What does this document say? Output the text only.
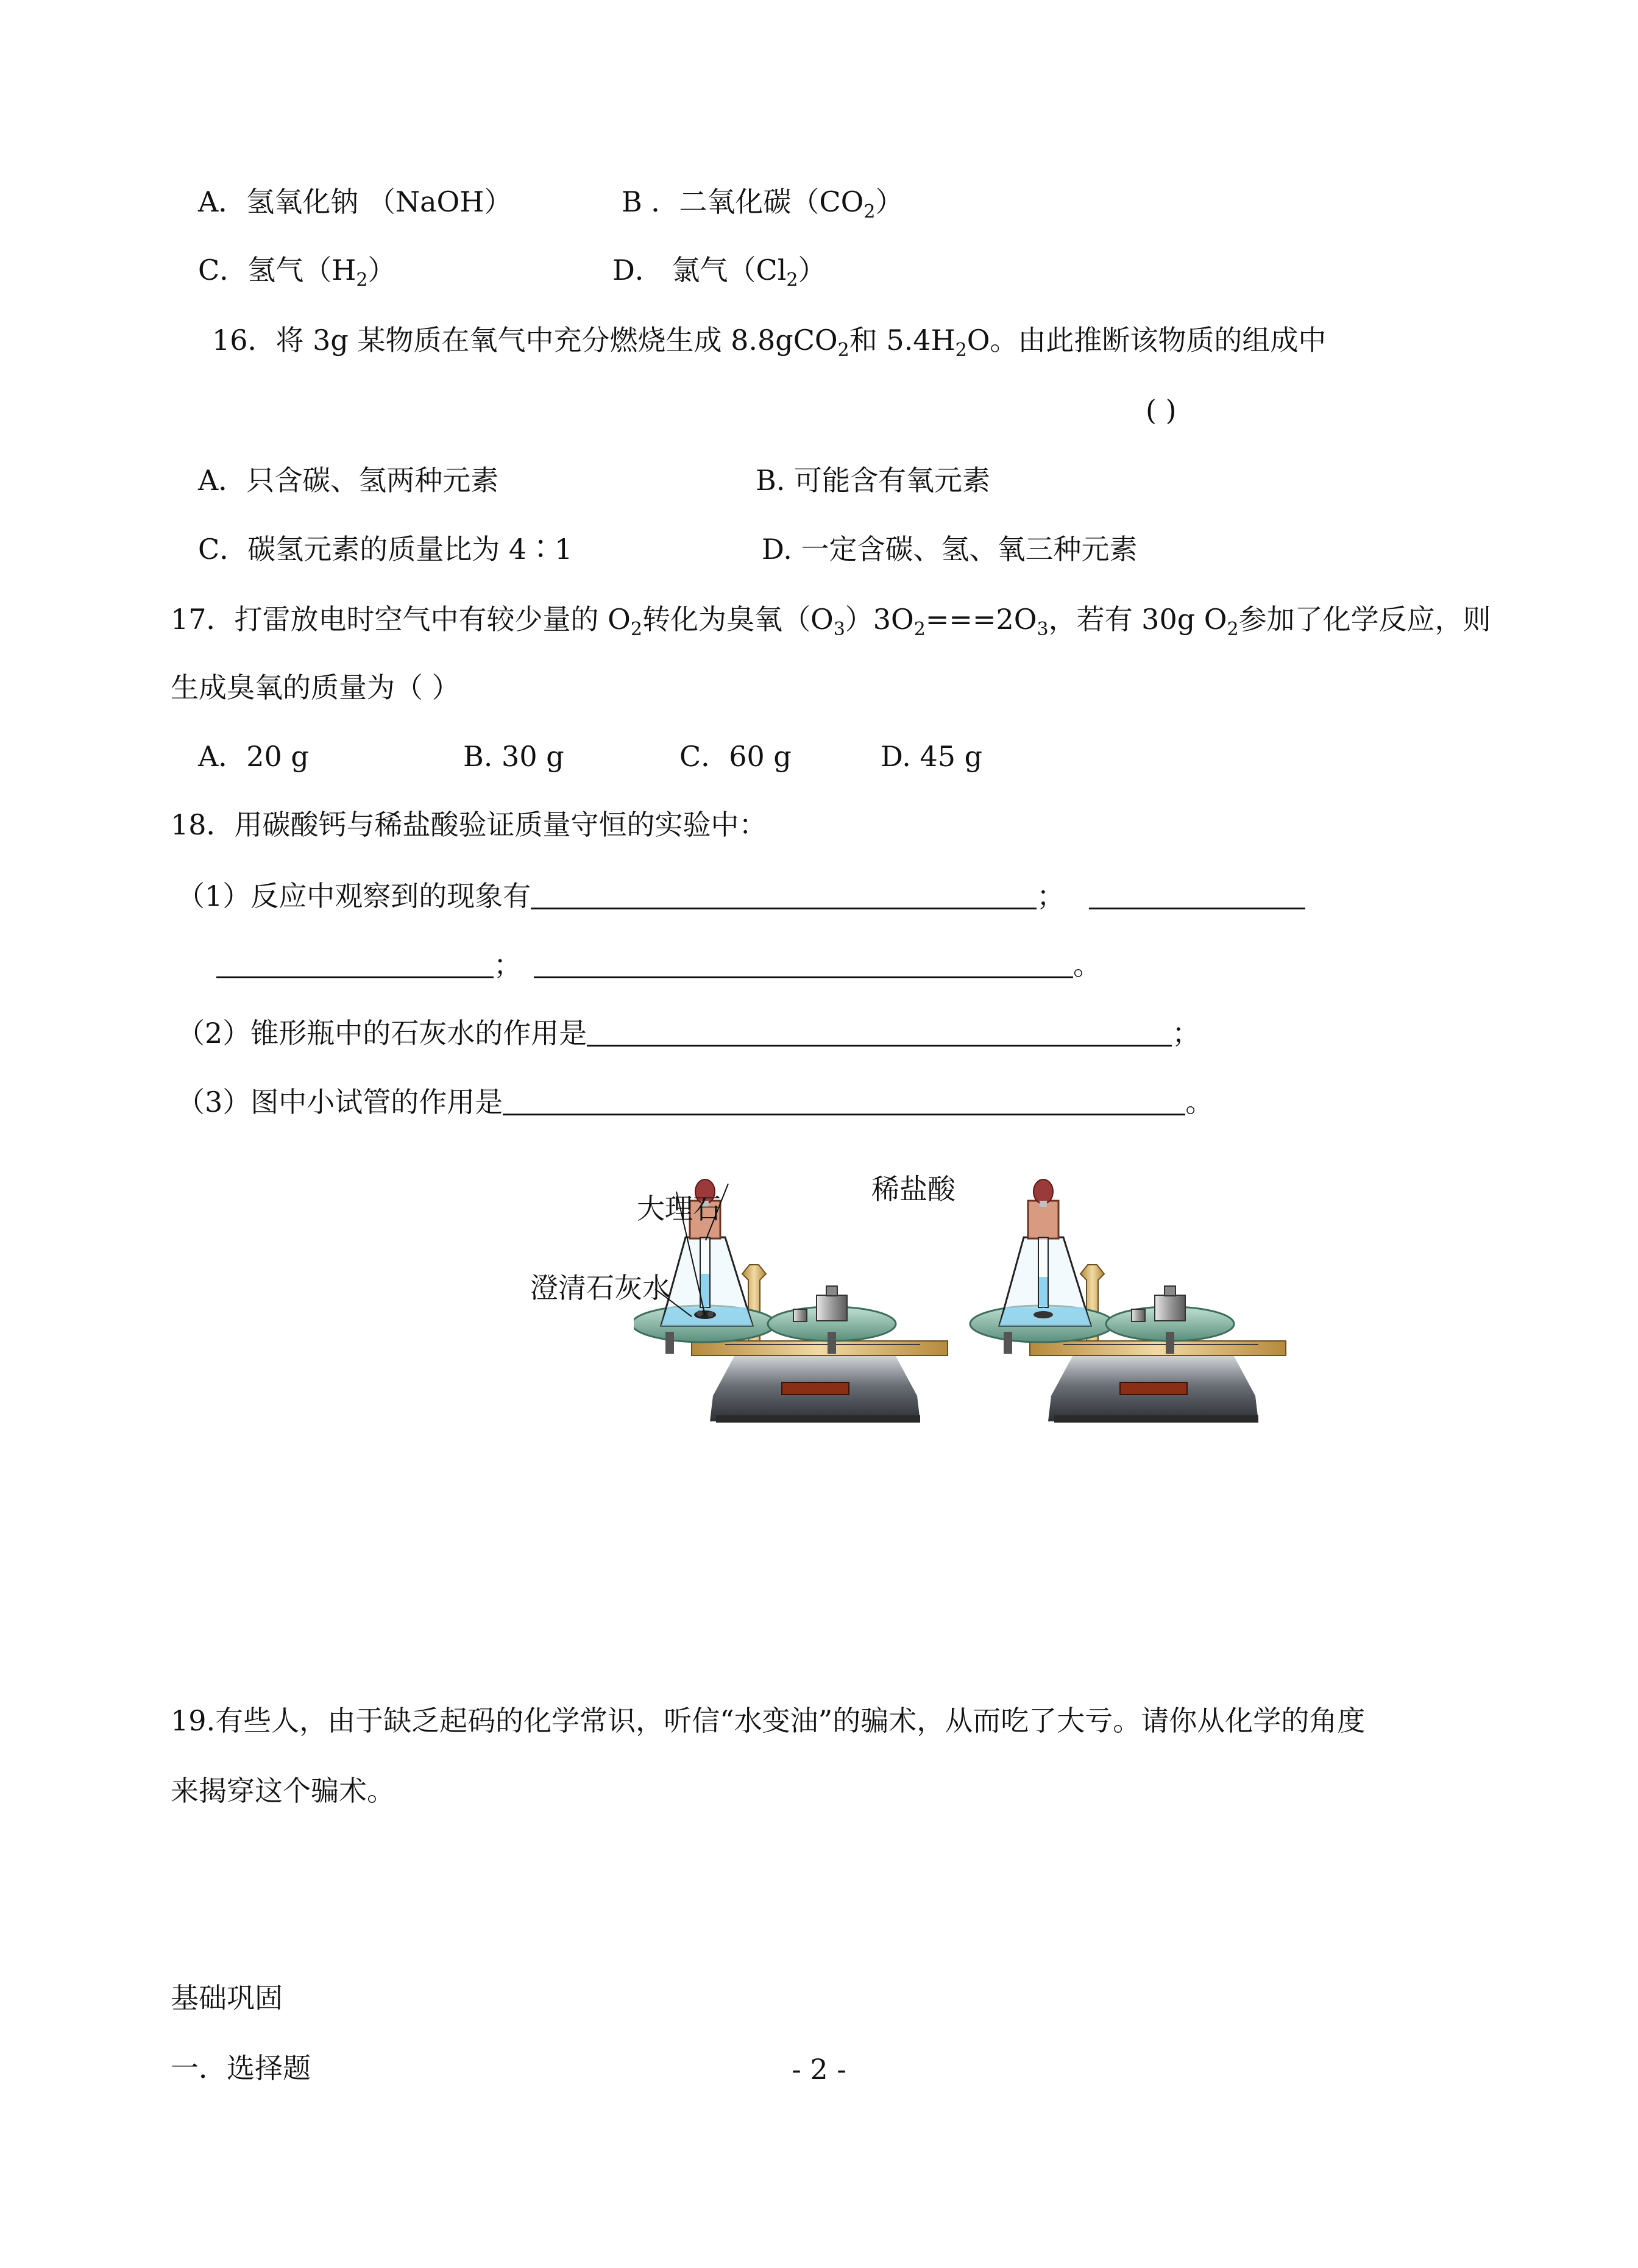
A．氢氧化钠 （NaOH）	B ．二氧化碳$(CO_2)$
C．氢气$(H_2)$	D． 氯气$(Cl_2)$
16．将 3g 某物质在氧气中充分燃烧生成 8.8gCO$_2$和 $5.4H_2O$。由此推断该物质的组成中
( )
A．只含碳、氢两种元素	B. 可能含有氧元素
C．碳氢元素的质量比为 4∶1	D. 一定含碳、氢、氧三种元素
17．打雷放电时空气中有较少量的 $O_2$转化为臭氧$(O_3)3O_2===2O_3$，若有 30g $O_2$参加了化学反应，则
生成臭氧的质量为（ ）
A．20 g	B. 30 g	C．60 g	D. 45 g
18．用碳酸钙与稀盐酸验证质量守恒的实验中：
（1）反应中观察到的现象有	；
；	。
（2）锥形瓶中的石灰水的作用是	；
（3）图中小试管的作用是	。
大理石
稀盐酸
澄清石灰水
19.有些人，由于缺乏起码的化学常识，听信“水变油”的骗术，从而吃了大亏。请你从化学的角度
来揭穿这个骗术。
基础巩固
一．选择题	- 2 -
